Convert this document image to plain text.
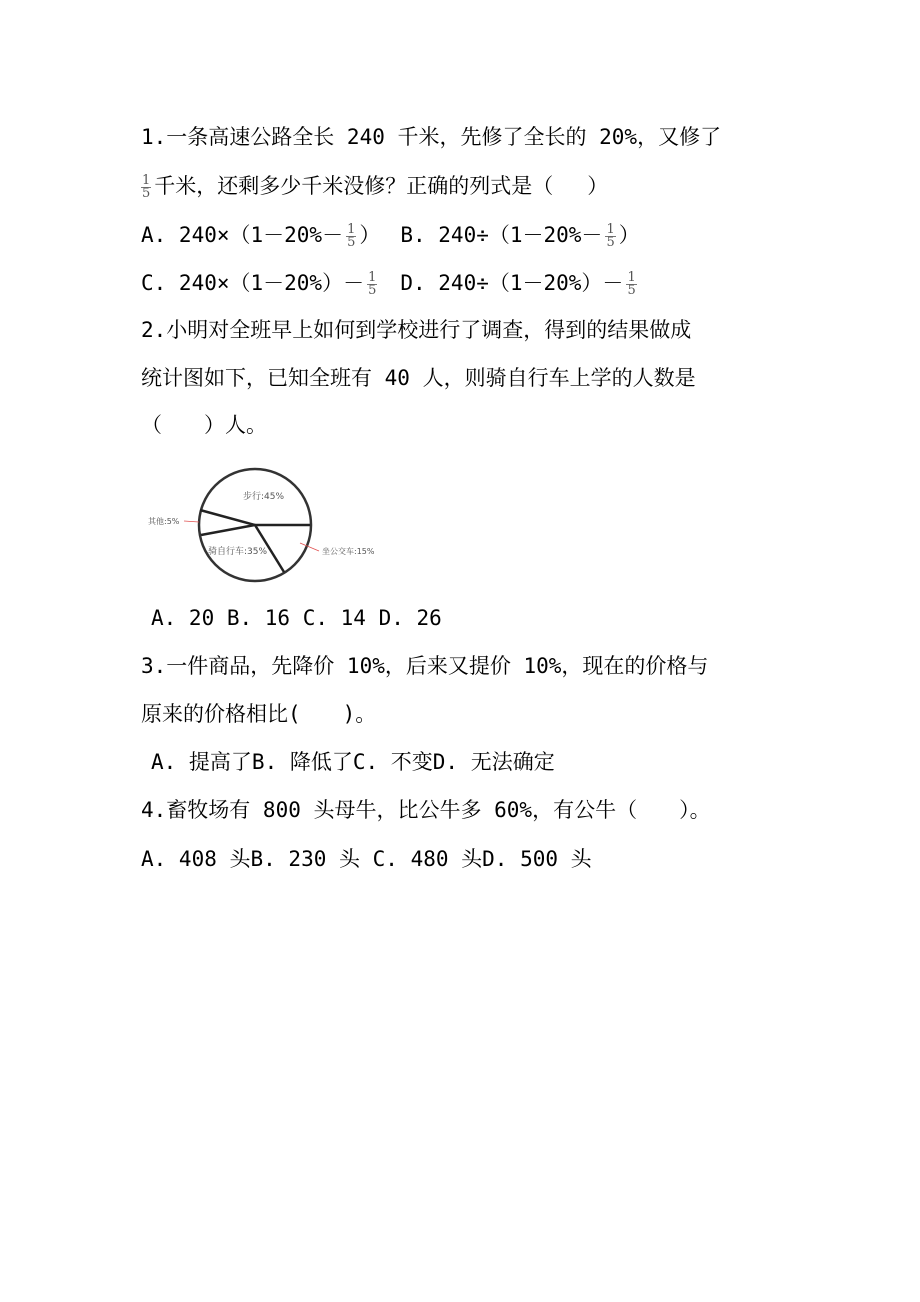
1.一条高速公路全长 240 千米，先修了全长的 20%，又修了
$\frac{1}{5}$ 千米，还剩多少千米没修？正确的列式是（ ）
A. $240\times(1-20\%- \frac{1}{5}$ ） B. $240\div(1-20\%- \frac{1}{5}$ ）
C. $240\times(1-20\%)- \frac{1}{5} D$. $240\div(1-20\%)- \frac{1}{5}$
2.小明对全班早上如何到学校进行了调查，得到的结果做成
统计图如下，已知全班有 40 人，则骑自行车上学的人数是
（　　）人。
步行:45%
骑自行车:35%
其他:5%
坐公交车:15%
A. 20 B. 16 C. 14 D. 26
3.一件商品，先降价 10%，后来又提价 10%，现在的价格与
原来的价格相比(　　)。
A. 提高了B. 降低了C. 不变D. 无法确定
4.畜牧场有 800 头母牛，比公牛多 60%，有公牛（　　）。
A. 408 头B. 230 头 C. 480 头D. 500 头
